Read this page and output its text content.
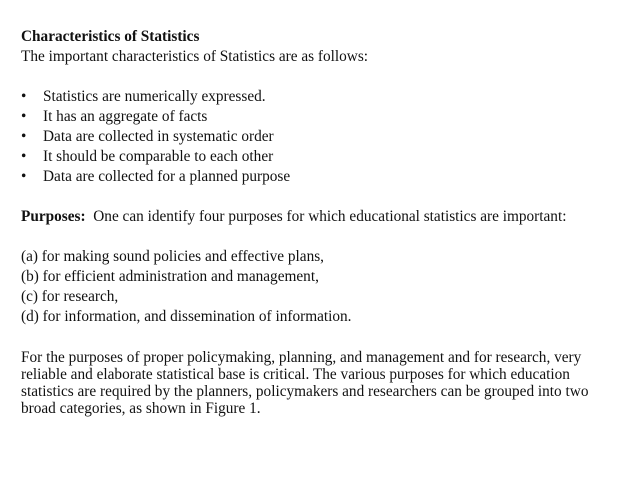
Characteristics of Statistics
The important characteristics of Statistics are as follows:
• Statistics are numerically expressed.
• It has an aggregate of facts
• Data are collected in systematic order
• It should be comparable to each other
• Data are collected for a planned purpose
Purposes: One can identify four purposes for which educational statistics are important:
(a) for making sound policies and effective plans,
(b) for efficient administration and management,
(c) for research,
(d) for information, and dissemination of information.
For the purposes of proper policymaking, planning, and management and for research, very
reliable and elaborate statistical base is critical. The various purposes for which education
statistics are required by the planners, policymakers and researchers can be grouped into two
broad categories, as shown in Figure 1.
